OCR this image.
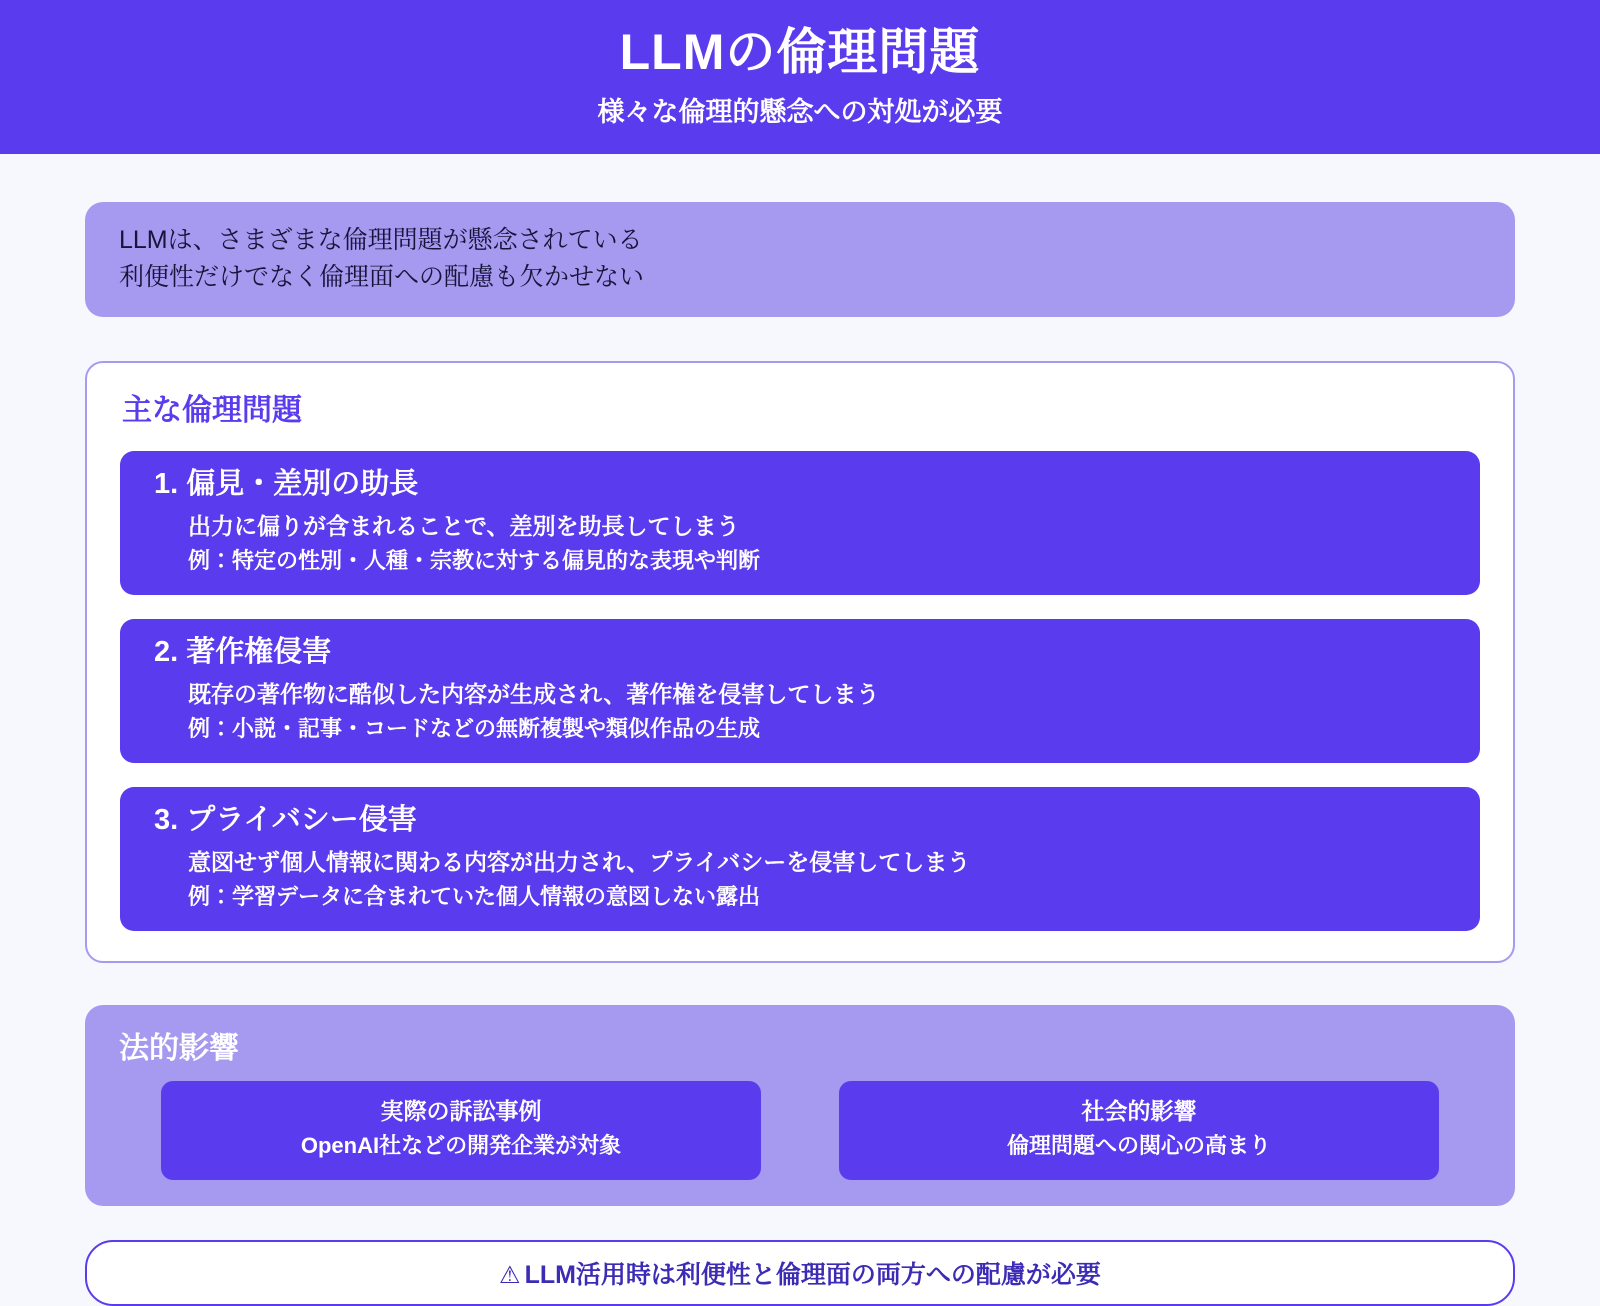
LLMの倫理問題
様々な倫理的懸念への対処が必要
LLMは、さまざまな倫理問題が懸念されている
利便性だけでなく倫理面への配慮も欠かせない
主な倫理問題
1. 偏見・差別の助長
出力に偏りが含まれることで、差別を助長してしまう
例：特定の性別・人種・宗教に対する偏見的な表現や判断
2. 著作権侵害
既存の著作物に酷似した内容が生成され、著作権を侵害してしまう
例：小説・記事・コードなどの無断複製や類似作品の生成
3. プライバシー侵害
意図せず個人情報に関わる内容が出力され、プライバシーを侵害してしまう
例：学習データに含まれていた個人情報の意図しない露出
法的影響
実際の訴訟事例
OpenAI社などの開発企業が対象
社会的影響
倫理問題への関心の高まり
⚠ LLM活用時は利便性と倫理面の両方への配慮が必要
